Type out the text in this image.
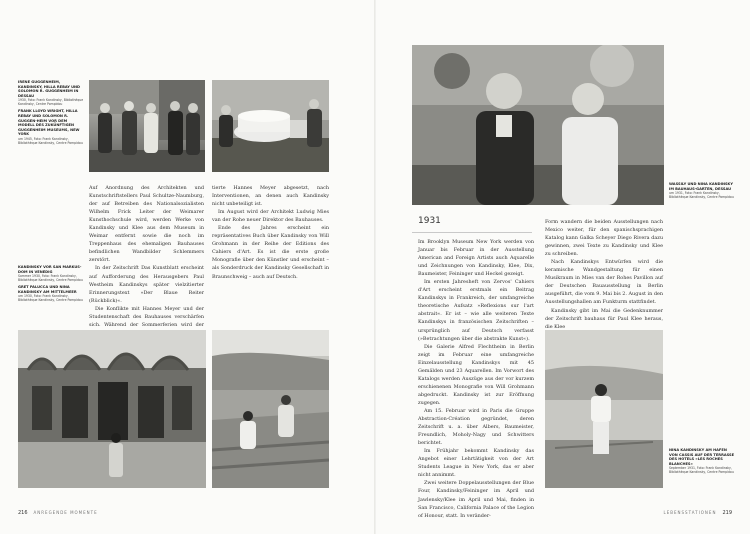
IRENE GUGGENHEIM, KANDINSKY, HILLA REBAY UND SOLOMON R. GUGGENHEIM IN DESSAU
1930, Foto: Frank Kandinsky, Bibliothèque Kandinsky, Centre Pompidou
FRANK LLOYD WRIGHT, HILLA REBAY UND SOLOMON R. GUGGEN-HEIM VOR DEM MODELL DES ZUKÜNFTIGEN GUGGENHEIM MUSEUMS, NEW YORK
um 1945, Foto: Frank Kandinsky, Bibliothèque Kandinsky, Centre Pompidou

Auf Anordnung des Architekten und Kunstschriftstellers Paul Schultze-Naumburg, der auf Betreiben des Nationalsozialisten Wilhelm Frick Leiter der Weimarer Kunsthochschule wird, werden Werke von Kandinsky und Klee aus dem Museum in Weimar entfernt sowie die noch im Treppenhaus des ehemaligen Bauhauses befindlichen Wandbilder Schlemmers zerstört.

In der Zeitschrift Das Kunstblatt erscheint auf Aufforderung des Herausgebers Paul Westheim Kandinskys später vielzitierter Erinnerungstext »Der Blaue Reiter (Rückblick)«.

Die Konflikte mit Hannes Meyer und der Studentenschaft des Bauhauses verschärfen sich. Während der Sommerferien wird der

tierte Hannes Meyer abgesetzt, nach Interventionen, an denen auch Kandinsky nicht unbeteiligt ist.

Im August wird der Architekt Ludwig Mies van der Rohe neuer Direktor des Bauhauses.

Ende des Jahres erscheint ein repräsentatives Buch über Kandinsky von Will Grohmann in der Reihe der Editions des Cahiers d'Art. Es ist die erste große Monografie über den Künstler und erscheint – als Sonderdruck der Kandinsky Gesellschaft in Braunschweig – auch auf Deutsch.

KANDINSKY VOR SAN MARKUS-DOM IN VENEDIG
Sommer 1930, Foto: Frank Kandinsky, Bibliothèque Kandinsky, Centre Pompidou
GRET PALUCCA UND NINA KANDINSKY AM MITTELMEER
um 1930, Foto: Frank Kandinsky, Bibliothèque Kandinsky, Centre Pompidou
216 ANREGENDE MOMENTE
WASSILY UND NINA KANDINSKY IM BAUHAUS-GARTEN, DESSAU
um 1931, Foto: Frank Kandinsky, Bibliothèque Kandinsky, Centre Pompidou
1931

Im Brooklyn Museum New York werden von Januar bis Februar in der Ausstellung American and Foreign Artists auch Aquarelle und Zeichnungen von Kandinsky, Klee, Dix, Baumeister, Feininger und Heckel gezeigt.

Im ersten Jahresheft von Zervos' Cahiers d'Art erscheint erstmals ein Beitrag Kandinskys in Frankreich, der umfangreiche theoretische Aufsatz »Reflexions sur l'art abstrait«. Er ist – wie alle weiteren Texte Kandinskys in französischen Zeitschriften – ursprünglich auf Deutsch verfasst (»Betrachtungen über die abstrakte Kunst«).

Die Galerie Alfred Flechtheim in Berlin zeigt im Februar eine umfangreiche Einzelausstellung Kandinskys mit 45 Gemälden und 23 Aquarellen. Im Vorwort des Katalogs werden Auszüge aus der vor kurzem erschienenen Monografie von Will Grohmann abgedruckt. Kandinsky ist zur Eröffnung zugegen.

Am 15. Februar wird in Paris die Gruppe Abstraction-Création gegründet, deren Zeitschrift u. a. über Albers, Baumeister, Freundlich, Moholy-Nagy und Schwitters berichtet.

Im Frühjahr bekommt Kandinsky das Angebot einer Lehrtätigkeit von der Art Students League in New York, das er aber nicht annimmt.

Zwei weitere Doppelausstellungen der Blue Four, Kandinsky/Feininger im April und Jawlensky/Klee im April und Mai, finden in San Francisco, California Palace of the Legion of Honour, statt. In veränder-

Form wandern die beiden Ausstellungen nach Mexico weiter, für den spanischsprachigen Katalog kann Galka Scheyer Diego Rivera dazu gewinnen, zwei Texte zu Kandinsky und Klee zu schreiben.

Nach Kandinskys Entwürfen wird die keramische Wandgestaltung für einen Musikraum in Mies van der Rohes Pavillon auf der Deutschen Bauausstellung in Berlin ausgeführt, die vom 9. Mai bis 2. August in den Ausstellungshallen am Funkturm stattfindet.

Kandinsky gibt im Mai die Gedenknummer der Zeitschrift bauhaus für Paul Klee heraus, die Klee

NINA KANDINSKY AM HAFEN VON CASSIS AUF DER TERRASSE DES HOTELS »LES ROCHES BLANCHES«
September 1931, Foto: Frank Kandinsky, Bibliothèque Kandinsky, Centre Pompidou
LEBENSSTATIONEN 219
